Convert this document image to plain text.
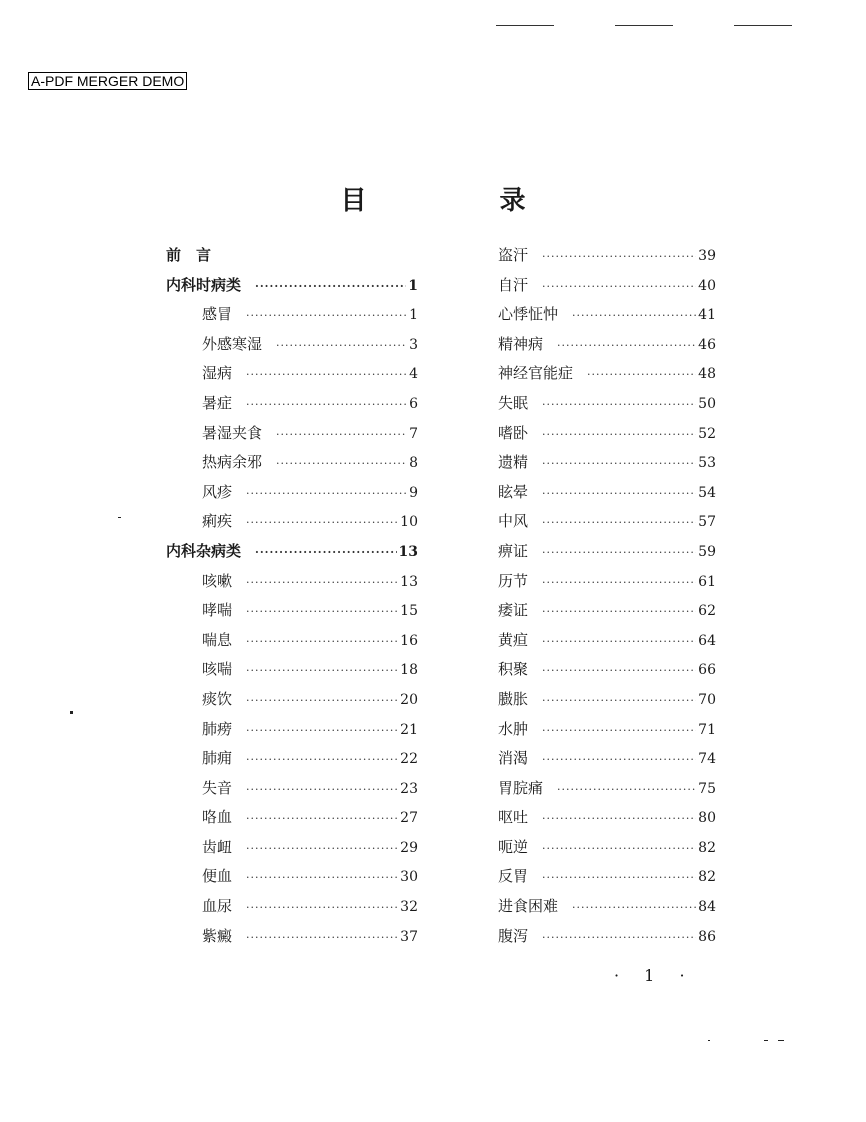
A-PDF MERGER DEMO
目 录
前　言
内科时病类 ·····	1
感冒 ·····	1
外感寒湿 ·····	3
湿病 ·····	4
暑症 ·····	6
暑湿夹食 ·····	7
热病余邪 ·····	8
风疹 ·····	9
痢疾 ·····	10
内科杂病类 ·····	13
咳嗽 ·····	13
哮喘 ·····	15
喘息 ·····	16
咳喘 ·····	18
痰饮 ·····	20
肺痨 ·····	21
肺痈 ·····	22
失音 ·····	23
咯血 ·····	27
齿衄 ·····	29
便血 ·····	30
血尿 ·····	32
紫癜 ·····	37
盗汗 ·····	39
自汗 ·····	40
心悸怔忡 ·····	41
精神病 ·····	46
神经官能症 ·····	48
失眠 ·····	50
嗜卧 ·····	52
遗精 ·····	53
眩晕 ·····	54
中风 ·····	57
痹证 ·····	59
历节 ·····	61
痿证 ·····	62
黄疸 ·····	64
积聚 ·····	66
臌胀 ·····	70
水肿 ·····	71
消渴 ·····	74
胃脘痛 ·····	75
呕吐 ·····	80
呃逆 ·····	82
反胃 ·····	82
进食困难 ·····	84
腹泻 ·····	86
· 1 ·
